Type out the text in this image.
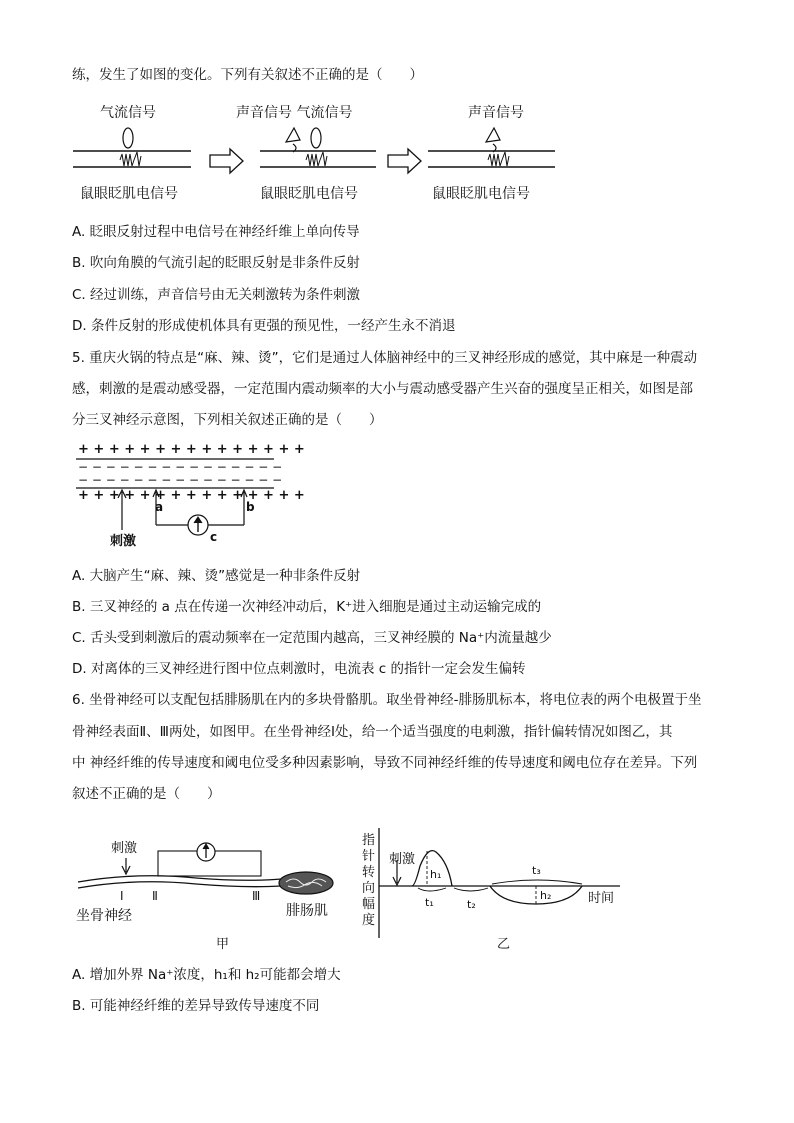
练，发生了如图的变化。下列有关叙述不正确的是（　　）
气流信号
鼠眼眨肌电信号
声音信号 气流信号
鼠眼眨肌电信号
声音信号
鼠眼眨肌电信号
A. 眨眼反射过程中电信号在神经纤维上单向传导
B. 吹向角膜的气流引起的眨眼反射是非条件反射
C. 经过训练，声音信号由无关刺激转为条件刺激
D. 条件反射的形成使机体具有更强的预见性，一经产生永不消退
5. 重庆火锅的特点是“麻、辣、烫”，它们是通过人体脑神经中的三叉神经形成的感觉，其中麻是一种震动
感，刺激的是震动感受器，一定范围内震动频率的大小与震动感受器产生兴奋的强度呈正相关，如图是部
分三叉神经示意图，下列相关叙述正确的是（　　）
+ + + + + + + + + + + + + + +
− − − − − − − − − − − − − − −
− − − − − − − − − − − − − − −
+ + + + + + + + + + + + + + +
刺激
a	b
c
A. 大脑产生“麻、辣、烫”感觉是一种非条件反射
B. 三叉神经的 a 点在传递一次神经冲动后，K⁺进入细胞是通过主动运输完成的
C. 舌头受到刺激后的震动频率在一定范围内越高，三叉神经膜的 Na⁺内流量越少
D. 对离体的三叉神经进行图中位点刺激时，电流表 c 的指针一定会发生偏转
6. 坐骨神经可以支配包括腓肠肌在内的多块骨骼肌。取坐骨神经-腓肠肌标本，将电位表的两个电极置于坐
骨神经表面Ⅱ、Ⅲ两处，如图甲。在坐骨神经Ⅰ处，给一个适当强度的电刺激，指针偏转情况如图乙，其
中 神经纤维的传导速度和阈电位受多种因素影响，导致不同神经纤维的传导速度和阈电位存在差异。下列
叙述不正确的是（　　）
刺激
Ⅰ Ⅱ	Ⅲ
坐骨神经	腓肠肌
甲
指
针
转
向
幅
度
刺激
h₁
t₁	t₂
h₂
t₃
时间
乙
A. 增加外界 Na⁺浓度，h₁和 h₂可能都会增大
B. 可能神经纤维的差异导致传导速度不同
